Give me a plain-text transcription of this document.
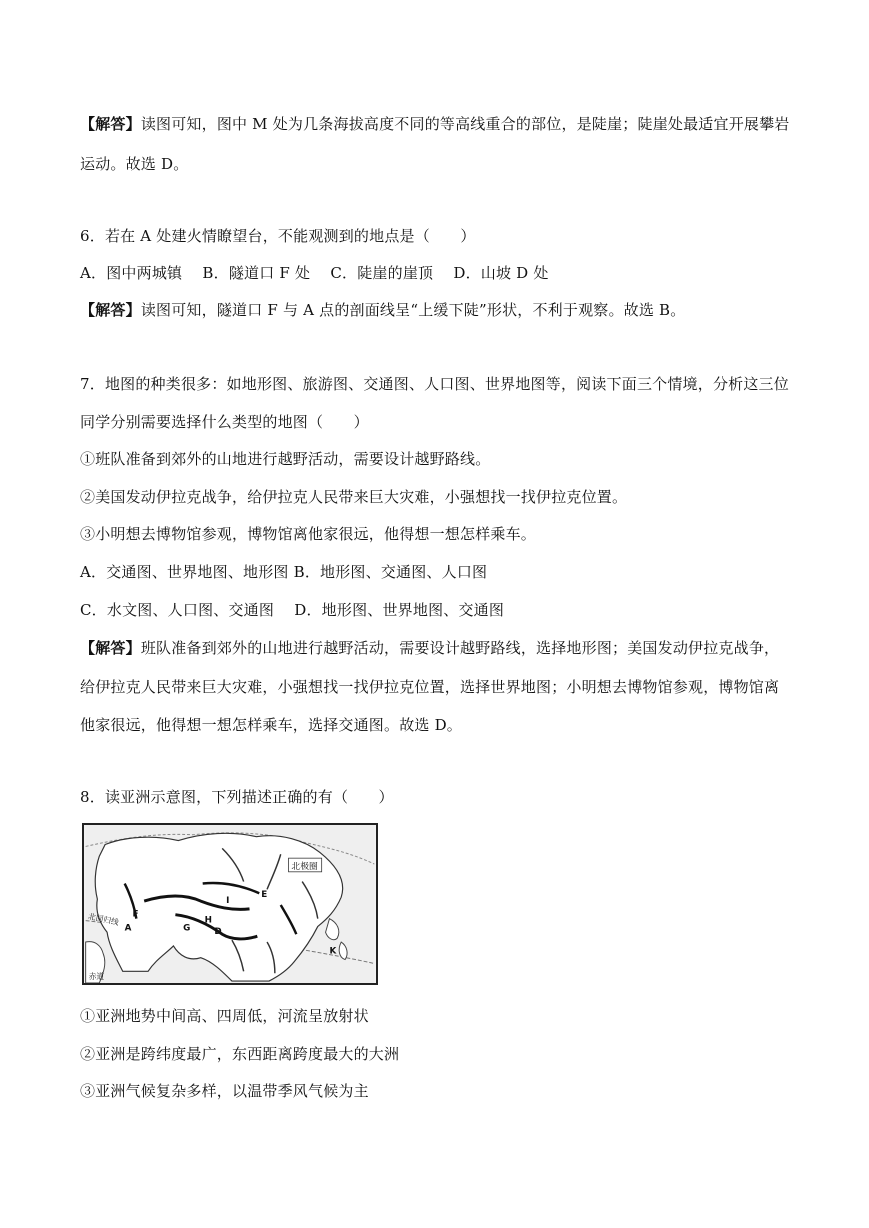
【解答】读图可知，图中 M 处为几条海拔高度不同的等高线重合的部位，是陡崖；陡崖处最适宜开展攀岩

运动。故选 D。

6．若在 A 处建火情瞭望台，不能观测到的地点是（　　）

A．图中两城镇　 B．隧道口 F 处　 C．陡崖的崖顶　 D．山坡 D 处

【解答】读图可知，隧道口 F 与 A 点的剖面线呈“上缓下陡”形状，不利于观察。故选 B。

7．地图的种类很多：如地形图、旅游图、交通图、人口图、世界地图等，阅读下面三个情境，分析这三位

同学分别需要选择什么类型的地图（　　）

①班队准备到郊外的山地进行越野活动，需要设计越野路线。

②美国发动伊拉克战争，给伊拉克人民带来巨大灾难，小强想找一找伊拉克位置。

③小明想去博物馆参观，博物馆离他家很远，他得想一想怎样乘车。

A．交通图、世界地图、地形图 B．地形图、交通图、人口图

C．水文图、人口图、交通图　 D．地形图、世界地图、交通图

【解答】班队准备到郊外的山地进行越野活动，需要设计越野路线，选择地形图；美国发动伊拉克战争，

给伊拉克人民带来巨大灾难，小强想找一找伊拉克位置，选择世界地图；小明想去博物馆参观，博物馆离

他家很远，他得想一想怎样乘车，选择交通图。故选 D。

8．读亚洲示意图，下列描述正确的有（　　）

北极圈
北回归线
赤道
I
E
H
F
G
A	D
K

①亚洲地势中间高、四周低，河流呈放射状

②亚洲是跨纬度最广，东西距离跨度最大的大洲

③亚洲气候复杂多样，以温带季风气候为主
